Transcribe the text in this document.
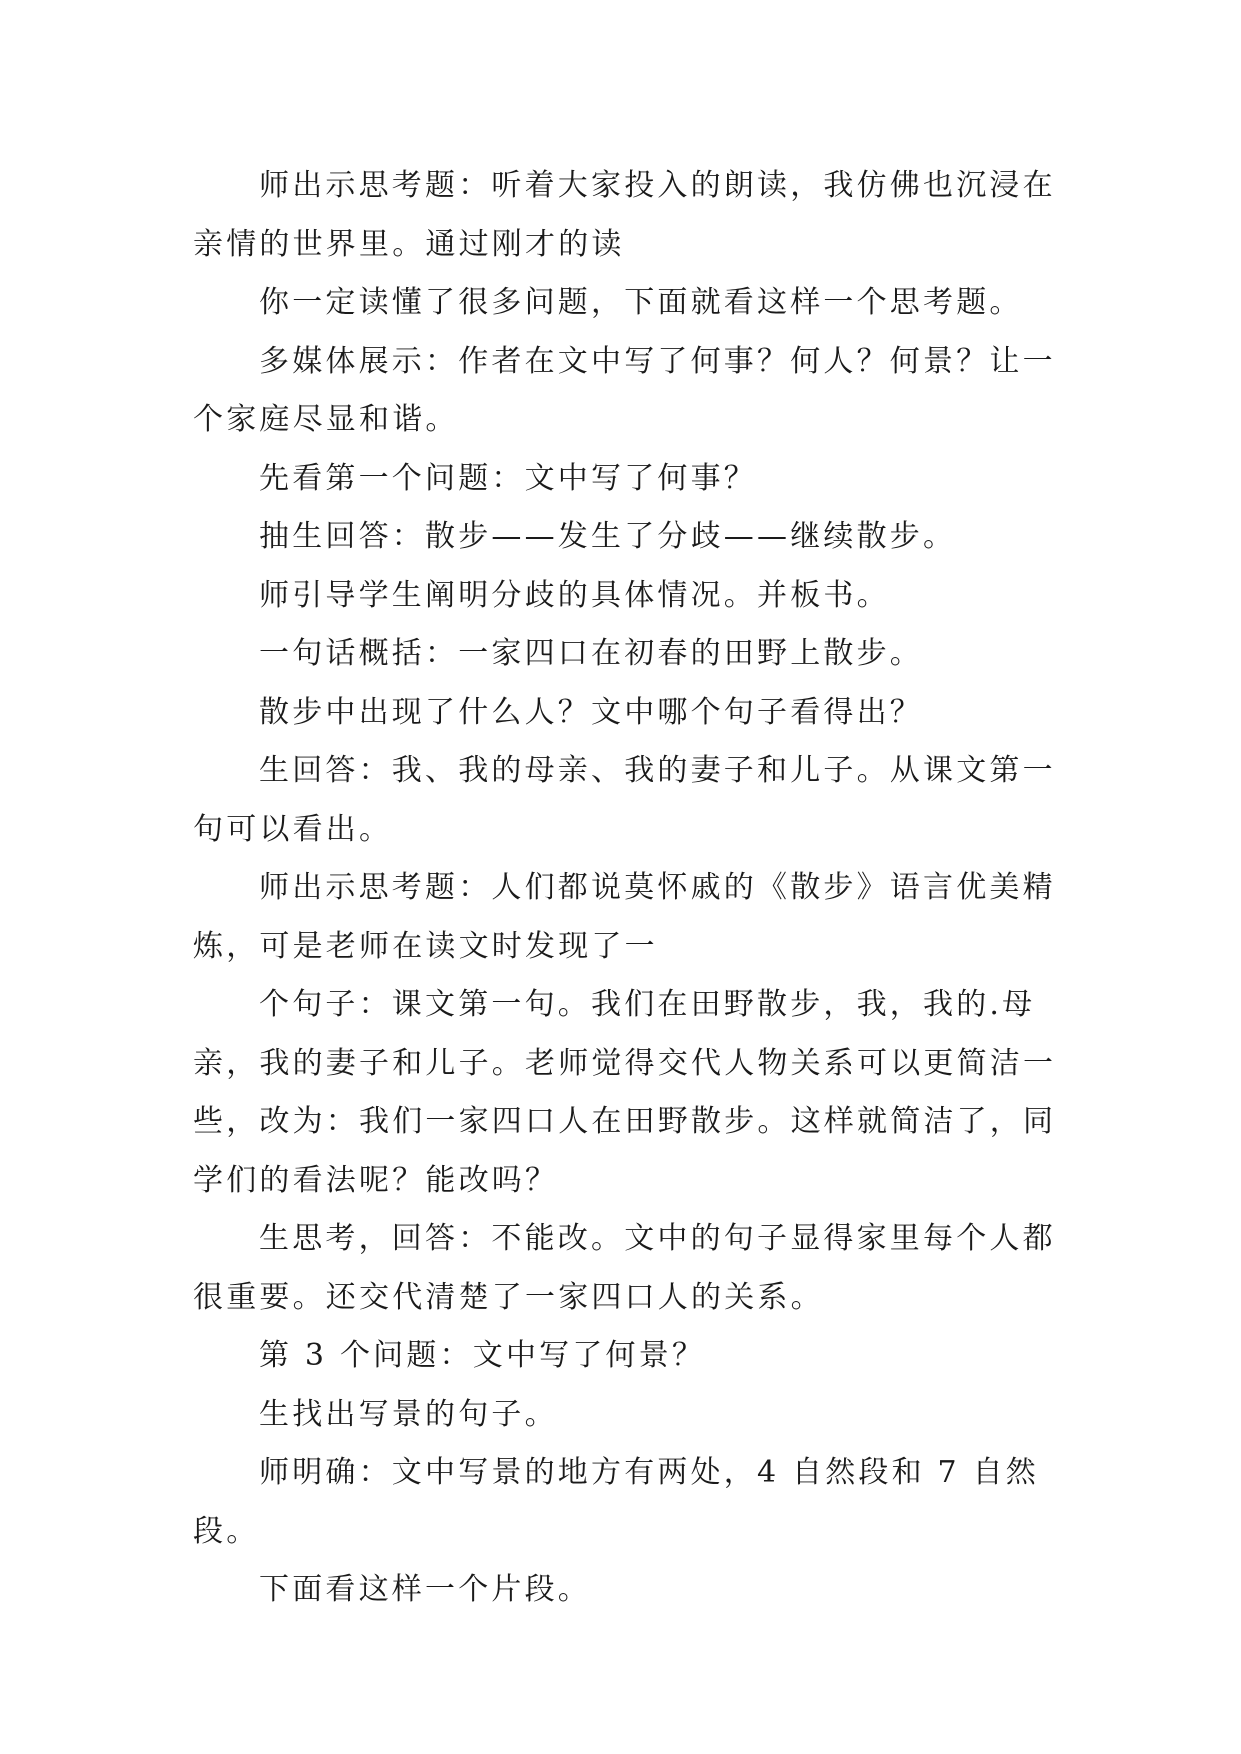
师出示思考题：听着大家投入的朗读，我仿佛也沉浸在亲情的世界里。通过刚才的读

你一定读懂了很多问题，下面就看这样一个思考题。

多媒体展示：作者在文中写了何事？何人？何景？让一个家庭尽显和谐。

先看第一个问题：文中写了何事？

抽生回答：散步——发生了分歧——继续散步。

师引导学生阐明分歧的具体情况。并板书。

一句话概括：一家四口在初春的田野上散步。

散步中出现了什么人？文中哪个句子看得出？

生回答：我、我的母亲、我的妻子和儿子。从课文第一句可以看出。

师出示思考题：人们都说莫怀戚的《散步》语言优美精炼，可是老师在读文时发现了一

个句子：课文第一句。我们在田野散步，我，我的.母亲，我的妻子和儿子。老师觉得交代人物关系可以更简洁一些，改为：我们一家四口人在田野散步。这样就简洁了，同学们的看法呢？能改吗？

生思考，回答：不能改。文中的句子显得家里每个人都很重要。还交代清楚了一家四口人的关系。

第 3 个问题：文中写了何景？

生找出写景的句子。

师明确：文中写景的地方有两处，4 自然段和 7 自然段。

下面看这样一个片段。
